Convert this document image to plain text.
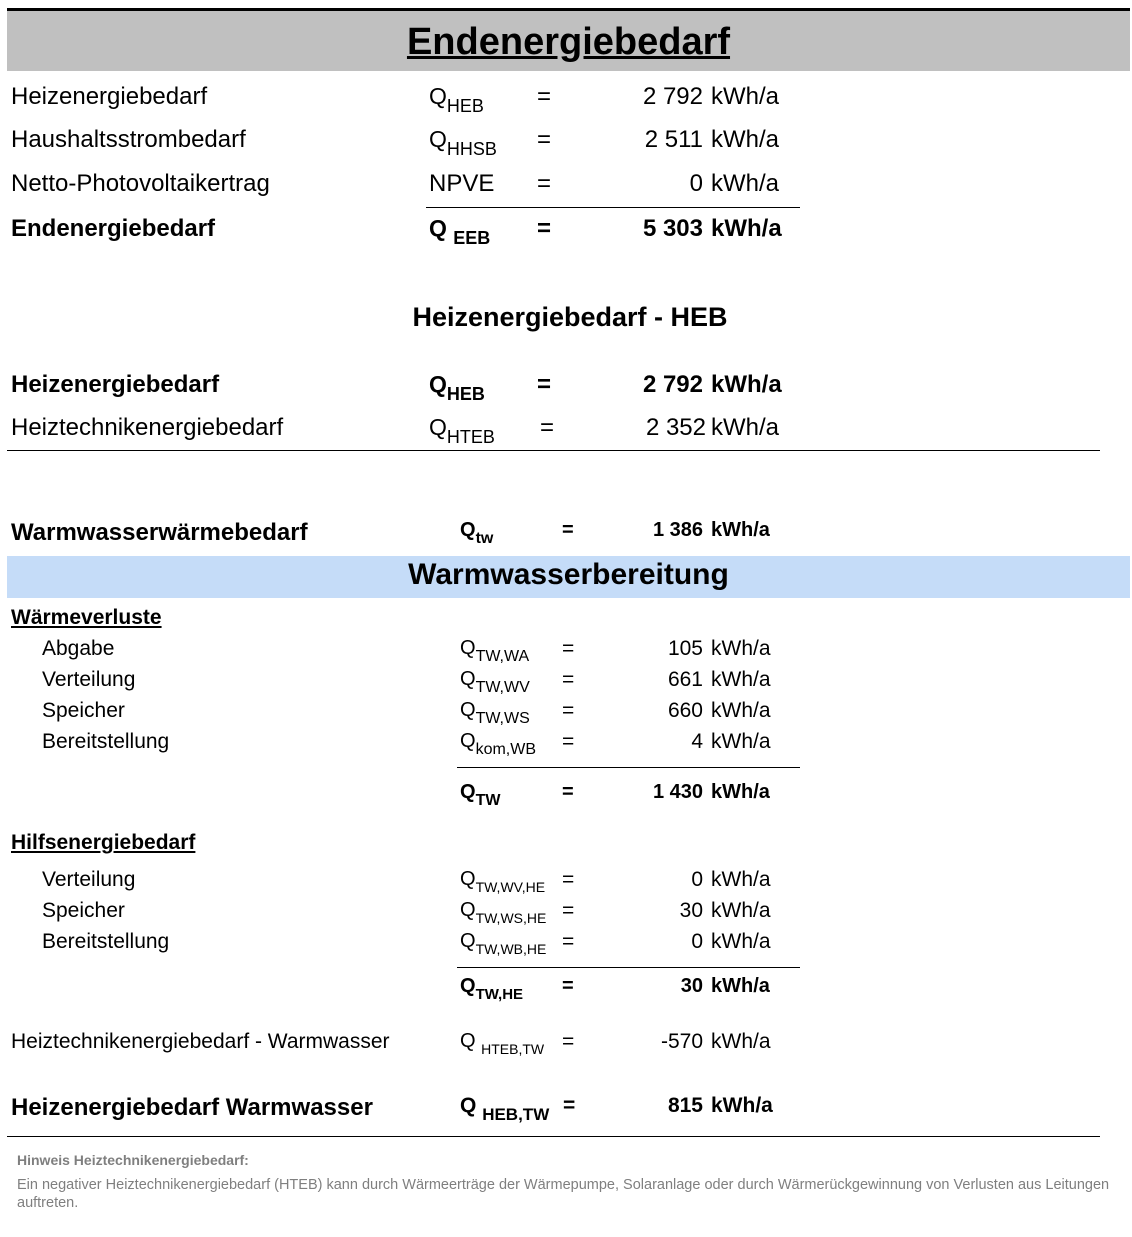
Endenergiebedarf
Heizenergiebedarf	$Q_{HEB}$ =	2 792 kWh/a
Haushaltsstrombedarf	$Q_{HHSB}$ =	2 511 kWh/a
Netto-Photovoltaikertrag	NPVE =	0 kWh/a
Endenergiebedarf	Q $_{EEB}$ =	5 303 kWh/a
Heizenergiebedarf - HEB
Heizenergiebedarf	$Q_{HEB}$ =	2 792 kWh/a
Heiztechnikenergiebedarf	$Q_{HTEB}$ =	2 352 kWh/a
Warmwasserwärmebedarf	$Q_{tw}$	=	1 386 kWh/a
Warmwasserbereitung
Wärmeverluste
Abgabe	$Q_{TW,WA}$ =	105 kWh/a
Verteilung	$Q_{TW,WV}$ =	661 kWh/a
Speicher	$Q_{TW,WS}$ =	660 kWh/a
Bereitstellung	$Q_{kom,WB}$ =	4 kWh/a
$Q_{TW}$	=	1 430 kWh/a
Hilfsenergiebedarf
Verteilung	$Q_{TW,WV,HE}$ =	0 kWh/a
Speicher	$Q_{TW,WS,HE}$ =	30 kWh/a
Bereitstellung	$Q_{TW,WB,HE}$ =	0 kWh/a
$Q_{TW,HE}$ =	30 kWh/a
Heiztechnikenergiebedarf - Warmwasser	Q $_{HTEB,TW}$ =	-570 kWh/a
Heizenergiebedarf Warmwasser	Q $_{HEB,TW}$ =	815 kWh/a
Hinweis Heiztechnikenergiebedarf:
Ein negativer Heiztechnikenergiebedarf (HTEB) kann durch Wärmeerträge der Wärmepumpe, Solaranlage oder durch Wärmerückgewinnung von Verlusten aus Leitungen auftreten.
